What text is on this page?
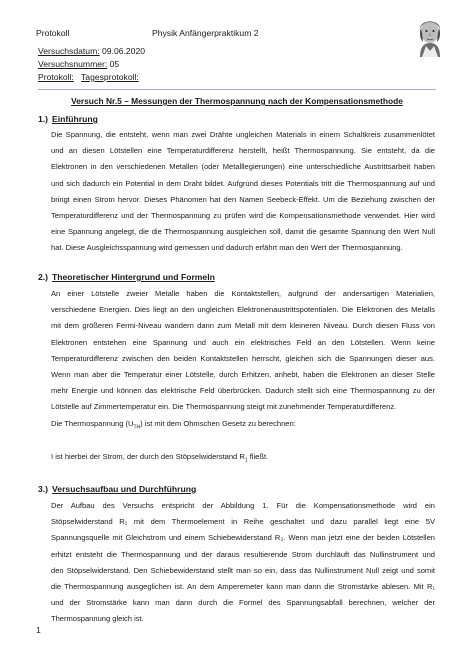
Protokoll	Physik Anfängerpraktikum 2
Versuchsdatum: 09.06.2020
Versuchsnummer: 05
Protokoll: Tagesprotokoll:
Versuch Nr.5 – Messungen der Thermospannung nach der Kompensationsmethode
1.) Einführung
Die Spannung, die entsteht, wenn man zwei Drähte ungleichen Materials in einem Schaltkreis zusammenlötet
und an diesen Lötstellen eine Temperaturdifferenz herstellt, heißt Thermospannung. Sie entsteht, da die
Elektronen in den verschiedenen Metallen (oder Metalllegierungen) eine unterschiedliche Austrittsarbeit haben
und sich dadurch ein Potential in dem Draht bildet. Aufgrund dieses Potentials tritt die Thermospannung auf und
bringt einen Strom hervor. Dieses Phänomen hat den Namen Seebeck-Effekt. Um die Beziehung zwischen der
Temperaturdifferenz und der Thermospannung zu prüfen wird die Kompensationsmethode verwendet. Hier wird
eine Spannung angelegt, die die Thermospannung ausgleichen soll, damit die gesamte Spannung den Wert Null
hat. Diese Ausgleichsspannung wird gemessen und dadurch erfährt man den Wert der Thermospannung.
2.) Theoretischer Hintergrund und Formeln
An einer Lötstelle zweier Metalle haben die Kontaktstellen, aufgrund der andersartigen Materialien,
verschiedene Energien. Dies liegt an den ungleichen Elektronenaustrittspotentialen. Die Elektronen des Metalls
mit dem größeren Fermi-Niveau wandern dann zum Metall mit dem kleineren Niveau. Durch diesen Fluss von
Elektronen entstehen eine Spannung und auch ein elektrisches Feld an den Lötstellen. Wenn keine
Temperaturdifferenz zwischen den beiden Kontaktstellen herrscht, gleichen sich die Spannungen dieser aus.
Wenn man aber die Temperatur einer Lötstelle, durch Erhitzen, anhebt, haben die Elektronen an dieser Stelle
mehr Energie und können das elektrische Feld überbrücken. Dadurch stellt sich eine Thermospannung zu der
Lötstelle auf Zimmertemperatur ein. Die Thermospannung steigt mit zunehmender Temperaturdifferenz.
Die Thermospannung $(U_{TH})$ ist mit dem Ohmschen Gesetz zu berechnen:
I ist hierbei der Strom, der durch den Stöpselwiderstand $R_1$ fließt.
3.) Versuchsaufbau und Durchführung
Der Aufbau des Versuchs entspricht der Abbildung 1. Für die Kompensationsmethode wird ein
Stöpselwiderstand R₁ mit dem Thermoelement in Reihe geschaltet und dazu parallel liegt eine 5V
Spannungsquelle mit Gleichstrom und einem Schiebewiderstand R₂. Wenn man jetzt eine der beiden Lötstellen
erhitzt entsteht die Thermospannung und der daraus resultierende Strom durchläuft das Nullinstrument und
den Stöpselwiderstand. Den Schiebewiderstand stellt man so ein, dass das Nullinstrument Null zeigt und somit
die Thermospannung ausgeglichen ist. An dem Amperemeter kann man dann die Stromstärke ablesen. Mit R₁
und der Stromstärke kann man dann durch die Formel des Spannungsabfall berechnen, welcher der
Thermospannung gleich ist.
1
